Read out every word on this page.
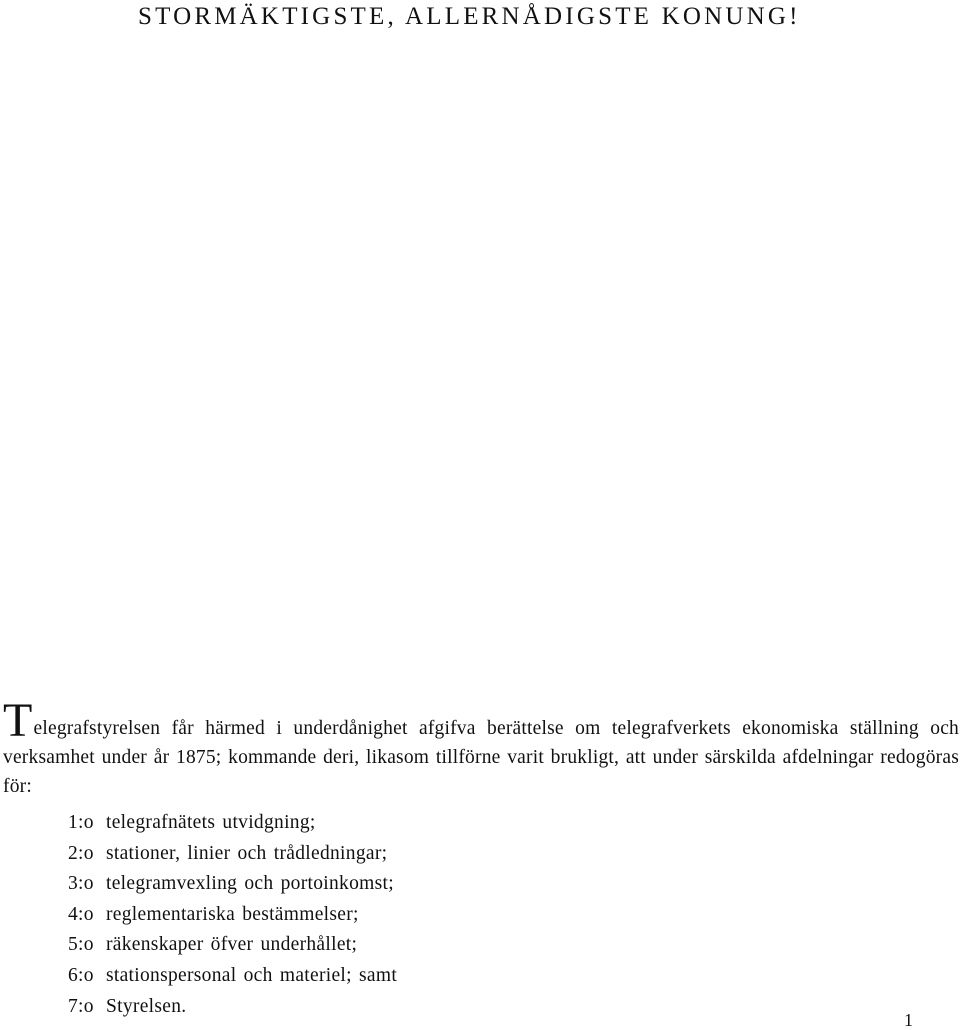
STORMÄKTIGSTE, ALLERNÅDIGSTE KONUNG!

Telegrafstyrelsen får härmed i underdånighet afgifva berättelse om telegrafverkets ekonomiska ställning och verksamhet under år 1875; kommande deri, likasom tillförne varit brukligt, att under särskilda afdelningar redogöras för:

1:o telegrafnätets utvidgning;
2:o stationer, linier och trådledningar;
3:o telegramvexling och portoinkomst;
4:o reglementariska bestämmelser;
5:o räkenskaper öfver underhållet;
6:o stationspersonal och materiel; samt
7:o Styrelsen.
1
